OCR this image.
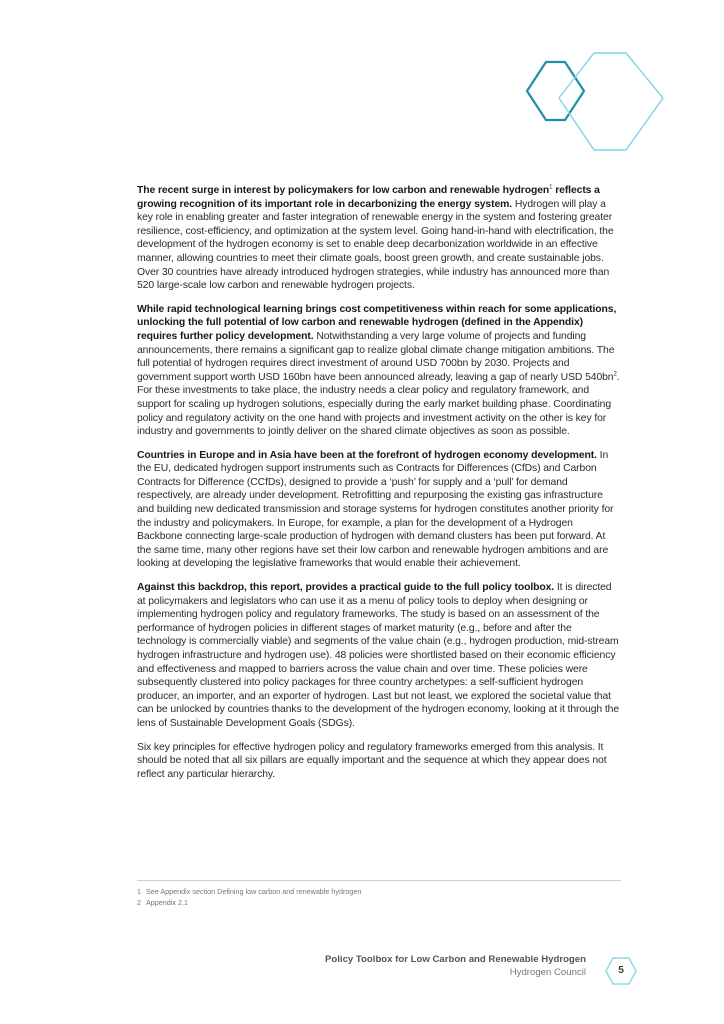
The recent surge in interest by policymakers for low carbon and renewable hydrogen$^1$ reflects a growing recognition of its important role in decarbonizing the energy system. Hydrogen will play a key role in enabling greater and faster integration of renewable energy in the system and fostering greater resilience, cost-efficiency, and optimization at the system level. Going hand-in-hand with electrification, the development of the hydrogen economy is set to enable deep decarbonization worldwide in an effective manner, allowing countries to meet their climate goals, boost green growth, and create sustainable jobs. Over 30 countries have already introduced hydrogen strategies, while industry has announced more than 520 large-scale low carbon and renewable hydrogen projects.

While rapid technological learning brings cost competitiveness within reach for some applications, unlocking the full potential of low carbon and renewable hydrogen (defined in the Appendix) requires further policy development. Notwithstanding a very large volume of projects and funding announcements, there remains a significant gap to realize global climate change mitigation ambitions. The full potential of hydrogen requires direct investment of around USD 700bn by 2030. Projects and government support worth USD 160bn have been announced already, leaving a gap of nearly USD $540bn^2$. For these investments to take place, the industry needs a clear policy and regulatory framework, and support for scaling up hydrogen solutions, especially during the early market building phase. Coordinating policy and regulatory activity on the one hand with projects and investment activity on the other is key for industry and governments to jointly deliver on the shared climate objectives as soon as possible.

Countries in Europe and in Asia have been at the forefront of hydrogen economy development. In the EU, dedicated hydrogen support instruments such as Contracts for Differences (CfDs) and Carbon Contracts for Difference (CCfDs), designed to provide a ‘push’ for supply and a ‘pull’ for demand respectively, are already under development. Retrofitting and repurposing the existing gas infrastructure and building new dedicated transmission and storage systems for hydrogen constitutes another priority for the industry and policymakers. In Europe, for example, a plan for the development of a Hydrogen Backbone connecting large-scale production of hydrogen with demand clusters has been put forward. At the same time, many other regions have set their low carbon and renewable hydrogen ambitions and are looking at developing the legislative frameworks that would enable their achievement.

Against this backdrop, this report, provides a practical guide to the full policy toolbox. It is directed at policymakers and legislators who can use it as a menu of policy tools to deploy when designing or implementing hydrogen policy and regulatory frameworks. The study is based on an assessment of the performance of hydrogen policies in different stages of market maturity (e.g., before and after the technology is commercially viable) and segments of the value chain (e.g., hydrogen production, mid-stream hydrogen infrastructure and hydrogen use). 48 policies were shortlisted based on their economic efficiency and effectiveness and mapped to barriers across the value chain and over time. These policies were subsequently clustered into policy packages for three country archetypes: a self-sufficient hydrogen producer, an importer, and an exporter of hydrogen. Last but not least, we explored the societal value that can be unlocked by countries thanks to the development of the hydrogen economy, looking at it through the lens of Sustainable Development Goals (SDGs).

Six key principles for effective hydrogen policy and regulatory frameworks emerged from this analysis. It should be noted that all six pillars are equally important and the sequence at which they appear does not reflect any particular hierarchy.

1 See Appendix section Defining low carbon and renewable hydrogen
2 Appendix 2.1
Policy Toolbox for Low Carbon and Renewable Hydrogen
Hydrogen Council	5
